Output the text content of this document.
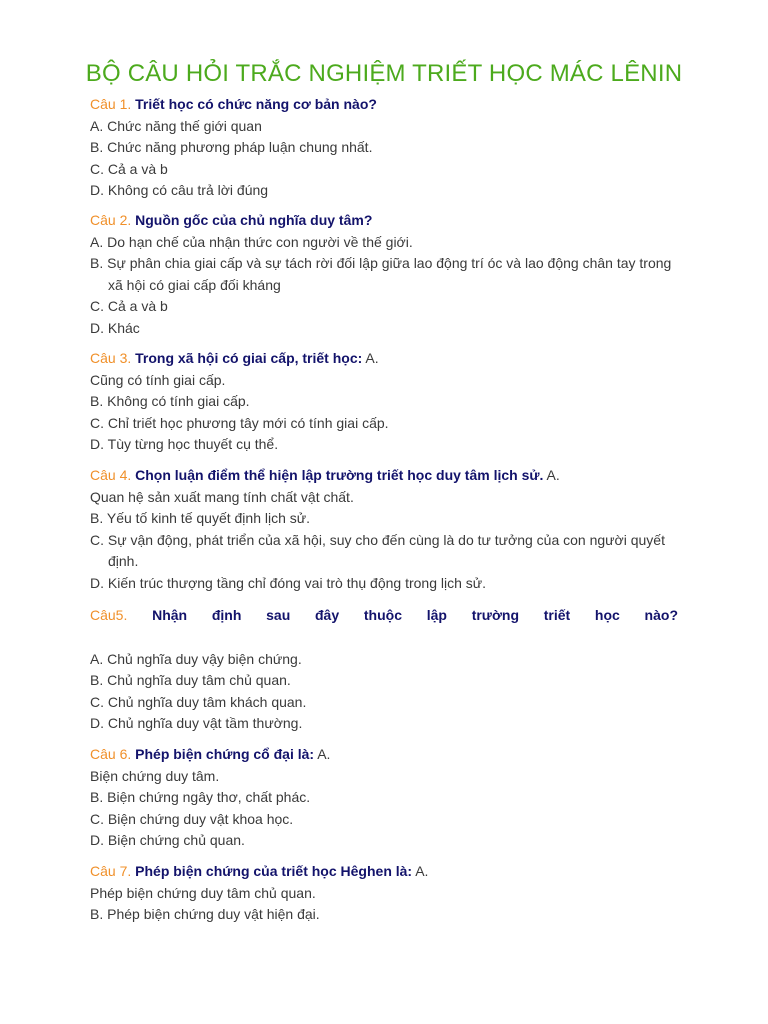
BỘ CÂU HỎI TRẮC NGHIỆM TRIẾT HỌC MÁC LÊNIN
Câu 1. Triết học có chức năng cơ bản nào?
A. Chức năng thế giới quan
B. Chức năng phương pháp luận chung nhất.
C. Cả a và b
D. Không có câu trả lời đúng
Câu 2. Nguồn gốc của chủ nghĩa duy tâm?
A. Do hạn chế của nhận thức con người về thế giới.
B. Sự phân chia giai cấp và sự tách rời đối lập giữa lao động trí óc và lao động chân tay trong xã hội có giai cấp đối kháng
C. Cả a và b
D. Khác
Câu 3. Trong xã hội có giai cấp, triết học: A.
Cũng có tính giai cấp.
B. Không có tính giai cấp.
C. Chỉ triết học phương tây mới có tính giai cấp.
D. Tùy từng học thuyết cụ thể.
Câu 4. Chọn luận điểm thể hiện lập trường triết học duy tâm lịch sử. A.
Quan hệ sản xuất mang tính chất vật chất.
B. Yếu tố kinh tế quyết định lịch sử.
C. Sự vận động, phát triển của xã hội, suy cho đến cùng là do tư tưởng của con người quyết định.
D. Kiến trúc thượng tầng chỉ đóng vai trò thụ động trong lịch sử.
Câu5. Nhận định sau đây thuộc lập trường triết học nào?
A. Chủ nghĩa duy vậy biện chứng.
B. Chủ nghĩa duy tâm chủ quan.
C. Chủ nghĩa duy tâm khách quan.
D. Chủ nghĩa duy vật tầm thường.
Câu 6. Phép biện chứng cổ đại là: A.
Biện chứng duy tâm.
B. Biện chứng ngây thơ, chất phác.
C. Biện chứng duy vật khoa học.
D. Biện chứng chủ quan.
Câu 7. Phép biện chứng của triết học Hêghen là: A.
Phép biện chứng duy tâm chủ quan.
B. Phép biện chứng duy vật hiện đại.
